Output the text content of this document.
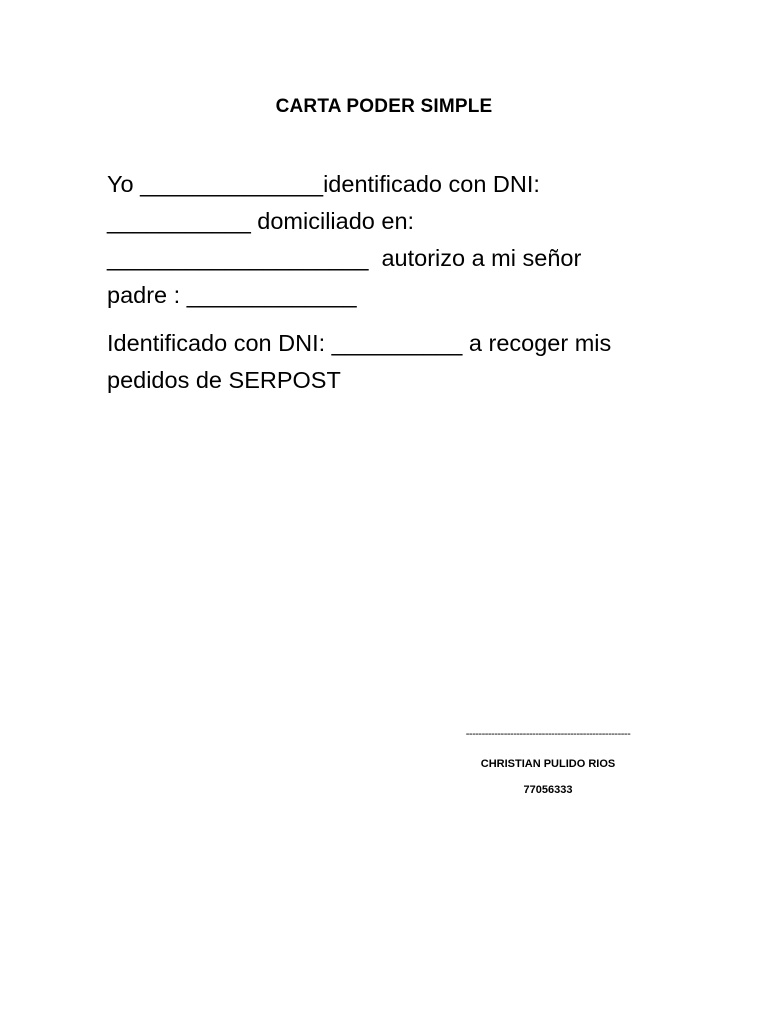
CARTA PODER SIMPLE
Yo ______________identificado con DNI:
___________ domiciliado en:
____________________  autorizo a mi señor
padre : _____________
Identificado con DNI: __________ a recoger mis
pedidos de SERPOST
----------------------------------------------------
CHRISTIAN PULIDO RIOS
77056333
